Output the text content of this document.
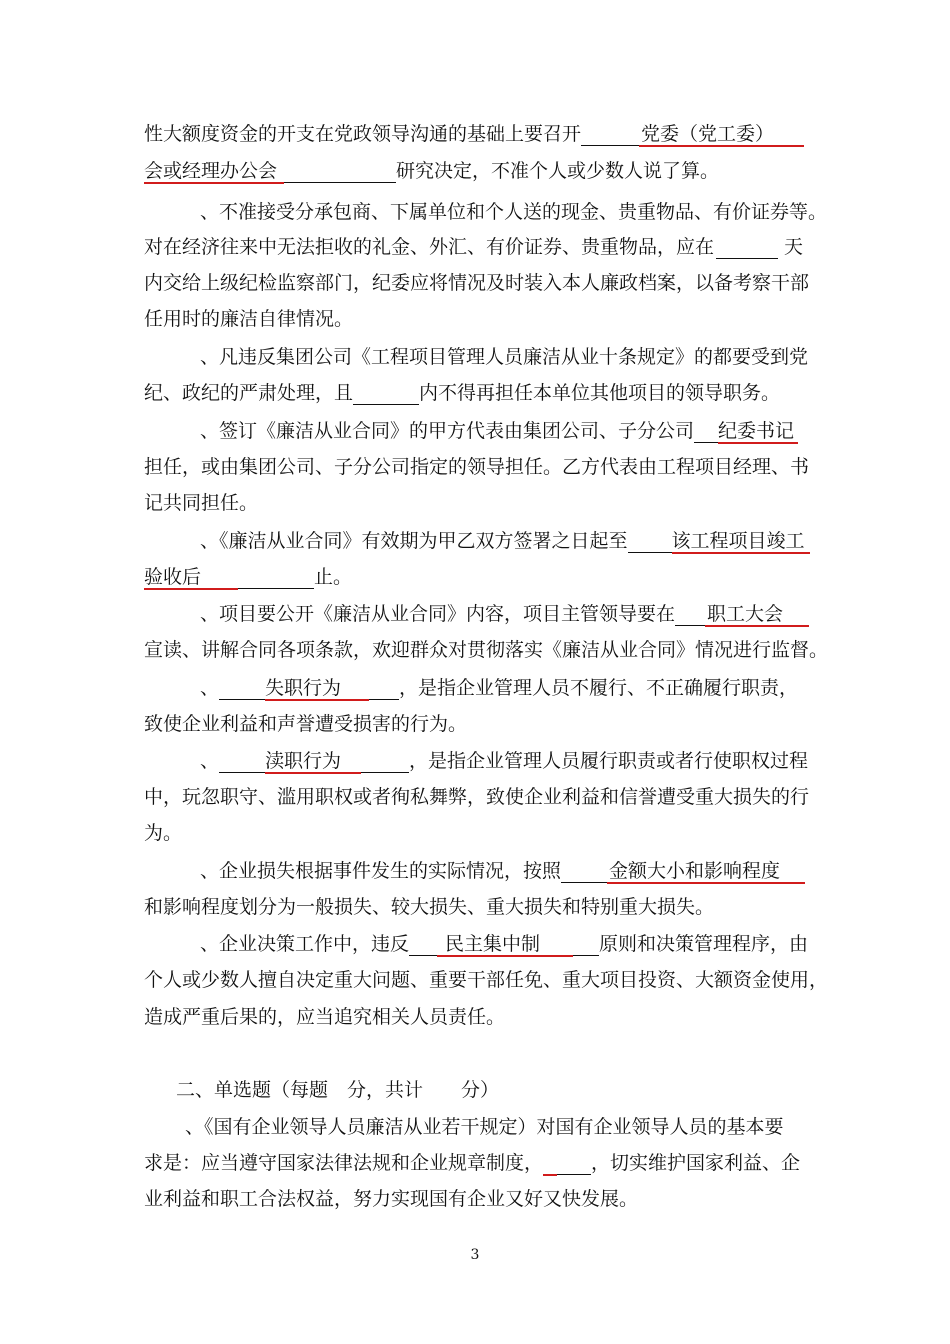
性大额度资金的开支在党政领导沟通的基础上要召开	党委（党工委）
会或经理办公会	研究决定，不准个人或少数人说了算。
、不准接受分承包商、下属单位和个人送的现金、贵重物品、有价证券等。
对在经济往来中无法拒收的礼金、外汇、有价证券、贵重物品，应在	天
内交给上级纪检监察部门，纪委应将情况及时装入本人廉政档案，以备考察干部
任用时的廉洁自律情况。
、凡违反集团公司《工程项目管理人员廉洁从业十条规定》的都要受到党
纪、政纪的严肃处理，且	内不得再担任本单位其他项目的领导职务。
、签订《廉洁从业合同》的甲方代表由集团公司、子分公司 纪委书记
担任，或由集团公司、子分公司指定的领导担任。乙方代表由工程项目经理、书
记共同担任。
、《廉洁从业合同》有效期为甲乙双方签署之日起至 该工程项目竣工
验收后	止。
、项目要公开《廉洁从业合同》内容，项目主管领导要在 职工大会
宣读、讲解合同各项条款，欢迎群众对贯彻落实《廉洁从业合同》情况进行监督。
、 失职行为	，是指企业管理人员不履行、不正确履行职责，
致使企业利益和声誉遭受损害的行为。
、 渎职行为	，是指企业管理人员履行职责或者行使职权过程
中，玩忽职守、滥用职权或者徇私舞弊，致使企业利益和信誉遭受重大损失的行
为。
、企业损失根据事件发生的实际情况，按照	金额大小和影响程度
和影响程度划分为一般损失、较大损失、重大损失和特别重大损失。
、企业决策工作中，违反 民主集中制	原则和决策管理程序，由
个人或少数人擅自决定重大问题、重要干部任免、重大项目投资、大额资金使用，
造成严重后果的，应当追究相关人员责任。
二、单选题（每题　分，共计　　分）
、《国有企业领导人员廉洁从业若干规定）对国有企业领导人员的基本要
求是：应当遵守国家法律法规和企业规章制度，	，切实维护国家利益、企
业利益和职工合法权益，努力实现国有企业又好又快发展。
3
